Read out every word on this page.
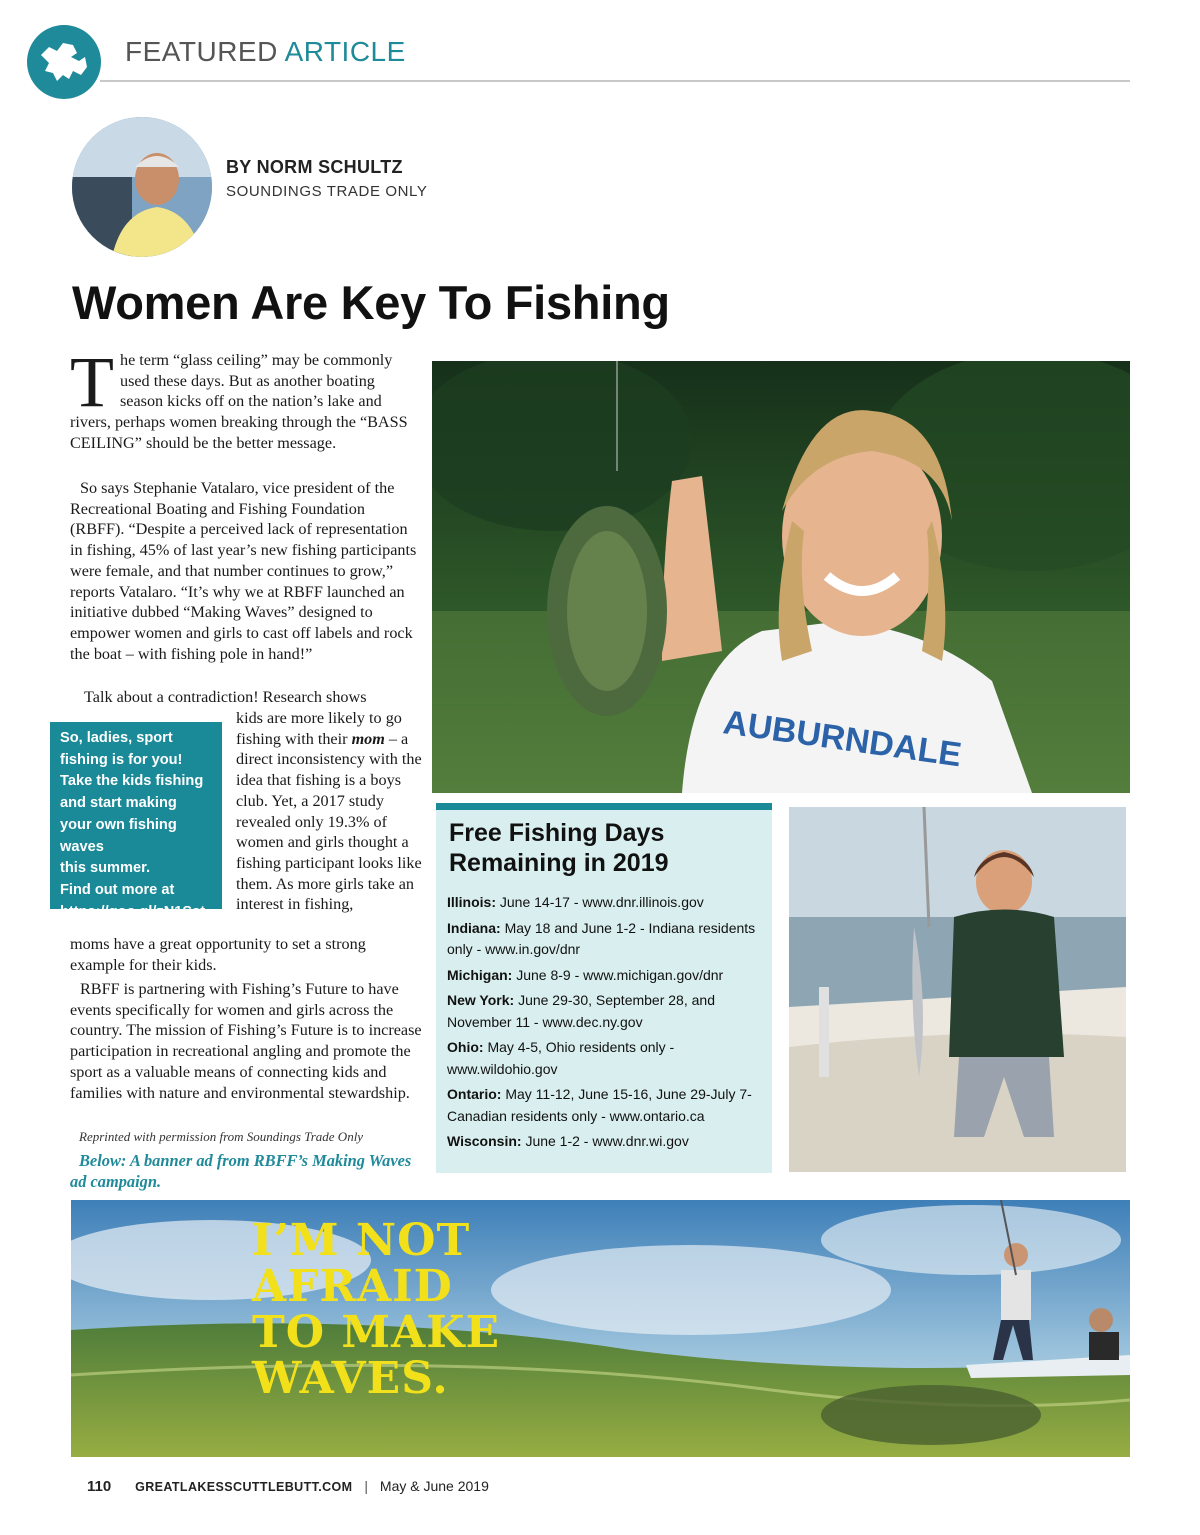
FEATURED ARTICLE
BY NORM SCHULTZ
SOUNDINGS TRADE ONLY
Women Are Key To Fishing
T he term “glass ceiling” may be commonly used these days. But as another boating season kicks off on the nation’s lake and rivers, perhaps women breaking through the “BASS CEILING” should be the better message.
So says Stephanie Vatalaro, vice president of the Recreational Boating and Fishing Foundation (RBFF). “Despite a perceived lack of representation in fishing, 45% of last year’s new fishing participants were female, and that number continues to grow,” reports Vatalaro. “It’s why we at RBFF launched an initiative dubbed “Making Waves” designed to empower women and girls to cast off labels and rock the boat – with fishing pole in hand!”
Talk about a contradiction! Research shows
kids are more likely to go fishing with their mom – a direct inconsistency with the idea that fishing is a boys club. Yet, a 2017 study revealed only 19.3% of women and girls thought a fishing participant looks like them. As more girls take an interest in fishing,
moms have a great opportunity to set a strong example for their kids.
RBFF is partnering with Fishing’s Future to have events specifically for women and girls across the country. The mission of Fishing’s Future is to increase participation in recreational angling and promote the sport as a valuable means of connecting kids and families with nature and environmental stewardship.
Reprinted with permission from Soundings Trade Only
Below: A banner ad from RBFF’s Making Waves ad campaign.
So, ladies, sport
fishing is for you!
Take the kids fishing
and start making
your own fishing waves
this summer.
Find out more at
https://goo.gl/zN1Sst.
AUBURNDALE
Free Fishing Days Remaining in 2019
Illinois: June 14-17 - www.dnr.illinois.gov
Indiana: May 18 and June 1-2 - Indiana residents only - www.in.gov/dnr
Michigan: June 8-9 - www.michigan.gov/dnr
New York: June 29-30, September 28, and November 11 - www.dec.ny.gov
Ohio: May 4-5, Ohio residents only - www.wildohio.gov
Ontario: May 11-12, June 15-16, June 29-July 7- Canadian residents only - www.ontario.ca
Wisconsin: June 1-2 - www.dnr.wi.gov
I’M NOT
AFRAID
TO MAKE
WAVES.
110 GREATLAKESSCUTTLEBUTT.COM | May & June 2019
